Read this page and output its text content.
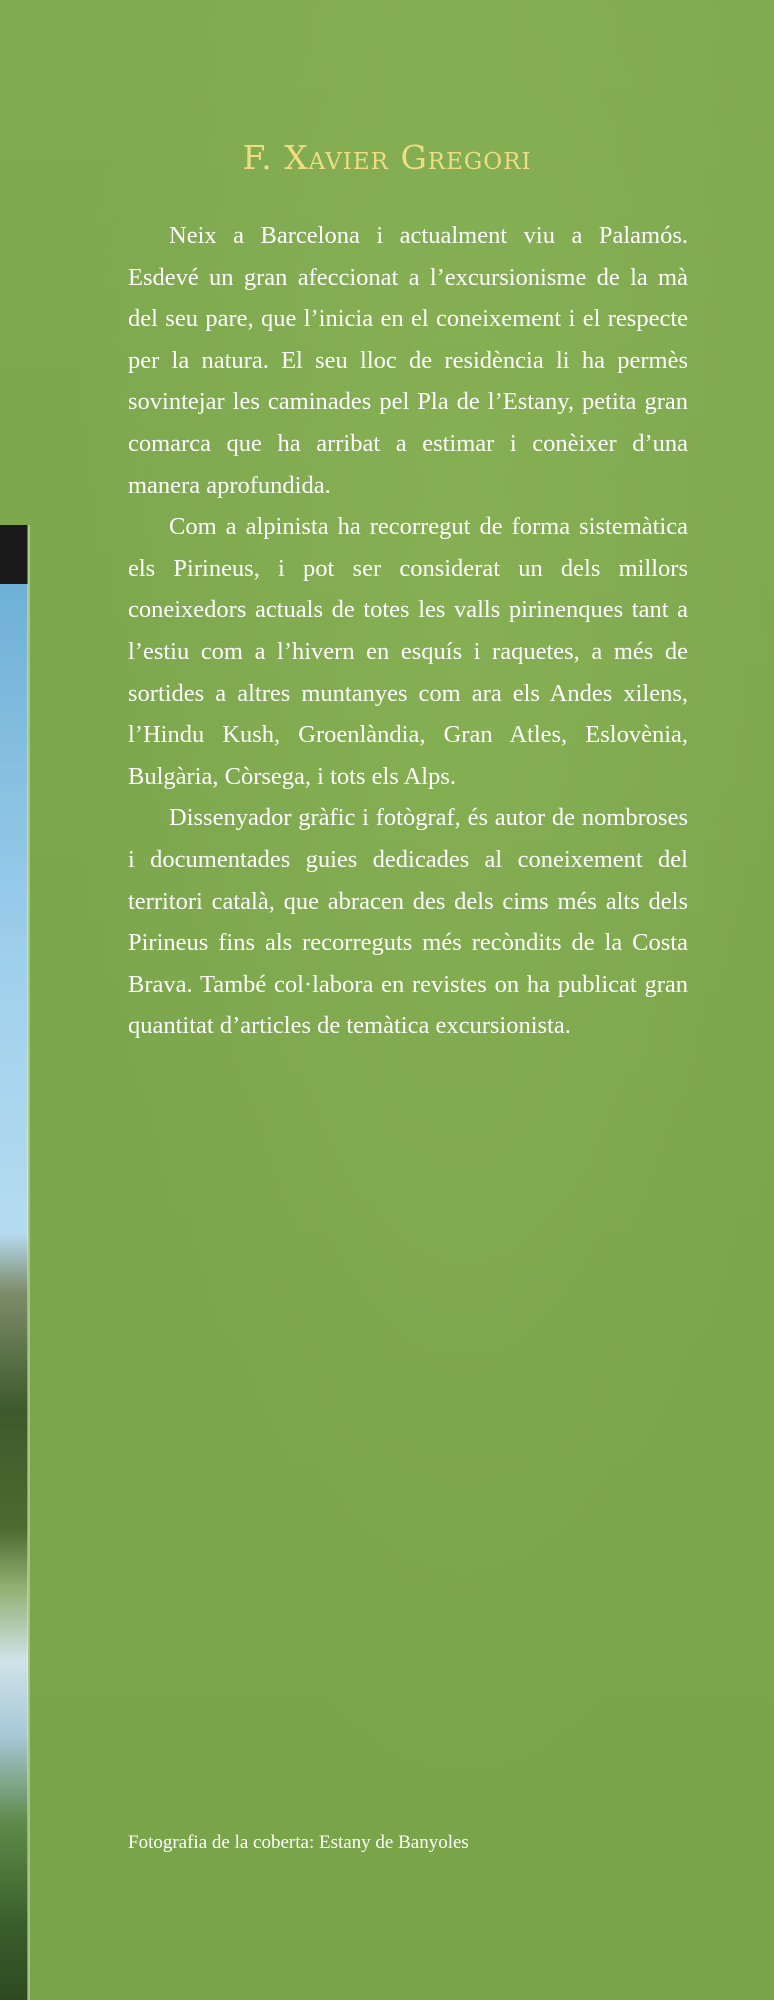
F. Xavier Gregori

Neix a Barcelona i actualment viu a Palamós. Esdevé un gran afeccionat a l’excursionisme de la mà del seu pare, que l’inicia en el coneixement i el respecte per la natura. El seu lloc de residència li ha permès sovintejar les caminades pel Pla de l’Estany, petita gran comarca que ha arribat a estimar i conèixer d’una manera aprofundida.

Com a alpinista ha recorregut de forma sistemàtica els Pirineus, i pot ser considerat un dels millors coneixedors actuals de totes les valls pirinenques tant a l’estiu com a l’hivern en esquís i raquetes, a més de sortides a altres muntanyes com ara els Andes xilens, l’Hindu Kush, Groenlàndia, Gran Atles, Eslovènia, Bulgària, Còrsega, i tots els Alps.

Dissenyador gràfic i fotògraf, és autor de nombroses i documentades guies dedicades al coneixement del territori català, que abracen des dels cims més alts dels Pirineus fins als recorreguts més recòndits de la Costa Brava. També col·labora en revistes on ha publicat gran quantitat d’articles de temàtica excursionista.

Fotografia de la coberta: Estany de Banyoles
